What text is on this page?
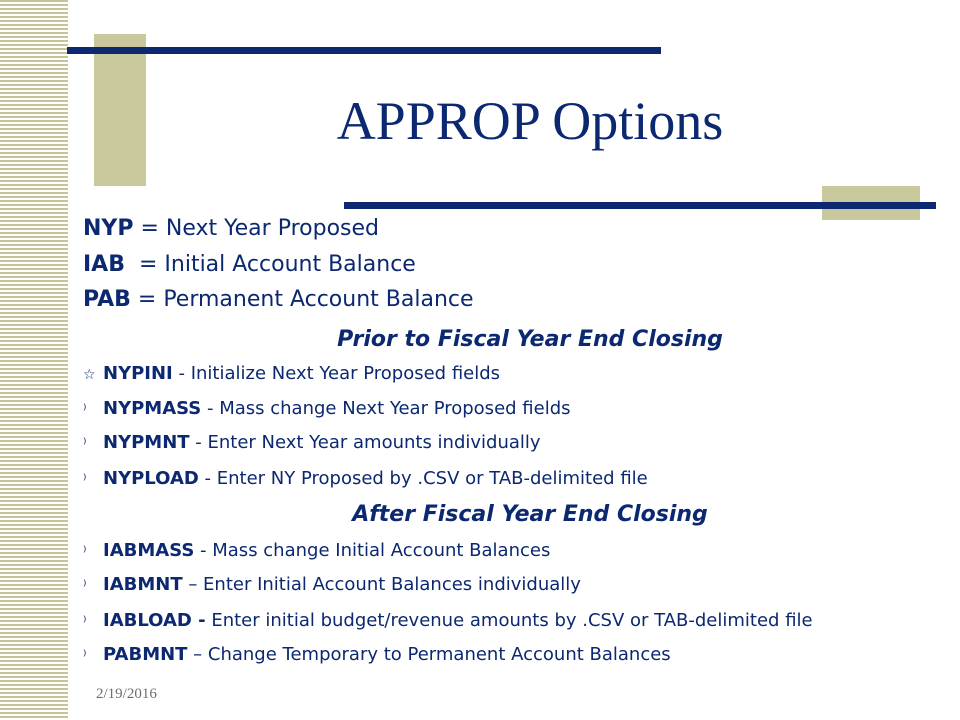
APPROP Options
NYP = Next Year Proposed
IAB  = Initial Account Balance
PAB = Permanent Account Balance
Prior to Fiscal Year End Closing
☆ NYPINI - Initialize Next Year Proposed fields
⁾ NYPMASS - Mass change Next Year Proposed fields
⁾ NYPMNT - Enter Next Year amounts individually
⁾ NYPLOAD - Enter NY Proposed by .CSV or TAB-delimited file
After Fiscal Year End Closing
⁾ IABMASS - Mass change Initial Account Balances
⁾ IABMNT – Enter Initial Account Balances individually
⁾ IABLOAD - Enter initial budget/revenue amounts by .CSV or TAB-delimited file
⁾ PABMNT – Change Temporary to Permanent Account Balances
2/19/2016
